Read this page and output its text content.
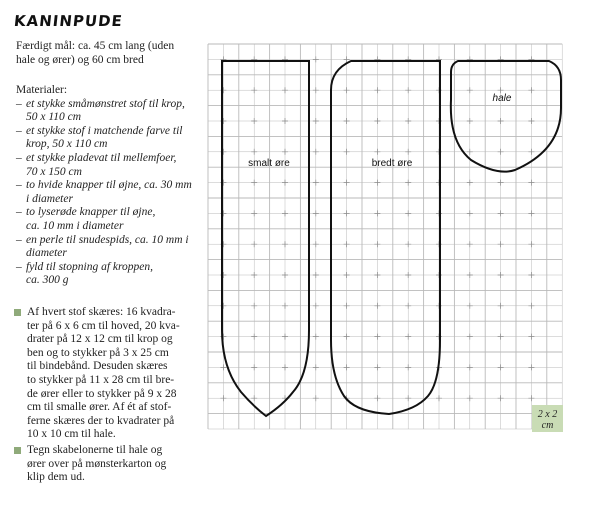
KANINPUDE
Færdigt mål: ca. 45 cm lang (uden
hale og ører) og 60 cm bred
Materialer:
– et stykke småmønstret stof til krop,
50 x 110 cm
– et stykke stof i matchende farve til
krop, 50 x 110 cm
– et stykke pladevat til mellemfoer,
70 x 150 cm
– to hvide knapper til øjne, ca. 30 mm
i diameter
– to lyserøde knapper til øjne,
ca. 10 mm i diameter
– en perle til snudespids, ca. 10 mm i
diameter
– fyld til stopning af kroppen,
ca. 300 g
Af hvert stof skæres: 16 kvadra-
ter på 6 x 6 cm til hoved, 20 kva-
drater på 12 x 12 cm til krop og
ben og to stykker på 3 x 25 cm
til bindebånd. Desuden skæres
to stykker på 11 x 28 cm til bre-
de ører eller to stykker på 9 x 28
cm til smalle ører. Af ét af stof-
ferne skæres der to kvadrater på
10 x 10 cm til hale.
Tegn skabelonerne til hale og
ører over på mønsterkarton og
klip dem ud.
2 x 2
cm
smalt øre	bredt øre
hale
